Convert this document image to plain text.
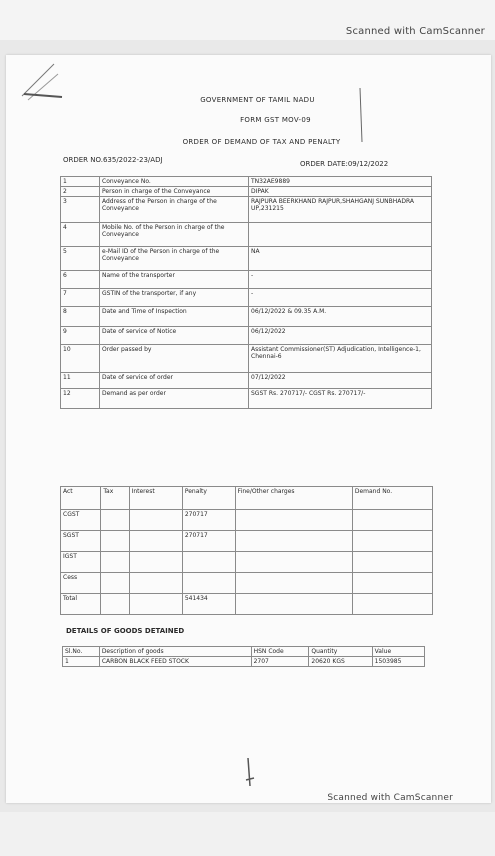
Scanned with CamScanner
GOVERNMENT OF TAMIL NADU
FORM GST MOV-09
ORDER OF DEMAND OF TAX AND PENALTY
ORDER NO.635/2022-23/ADJ	ORDER DATE:09/12/2022
1	Conveyance No.	TN32AE9889
2	Person in charge of the Conveyance	DIPAK
3	Address of the Person in charge of the Conveyance	RAJPURA BEERKHAND RAJPUR,SHAHGANJ SUNBHADRA UP,231215
4	Mobile No. of the Person in charge of the Conveyance	
5	e-Mail ID of the Person in charge of the Conveyance	NA
6	Name of the transporter	-
7	GSTIN of the transporter, if any	-
8	Date and Time of Inspection	06/12/2022 & 09.35 A.M.
9	Date of service of Notice	06/12/2022
10	Order passed by	Assistant Commissioner(ST) Adjudication, Intelligence-1, Chennai-6
11	Date of service of order	07/12/2022
12	Demand as per order	SGST Rs. 270717/- CGST Rs. 270717/-
Act	Tax	Interest	Penalty	Fine/Other charges	Demand No.
CGST			270717		
SGST			270717		
IGST					
Cess					
Total			541434		
DETAILS OF GOODS DETAINED
Sl.No.	Description of goods	HSN Code	Quantity	Value
1	CARBON BLACK FEED STOCK	2707	20620 KGS	1503985
Scanned with CamScanner
